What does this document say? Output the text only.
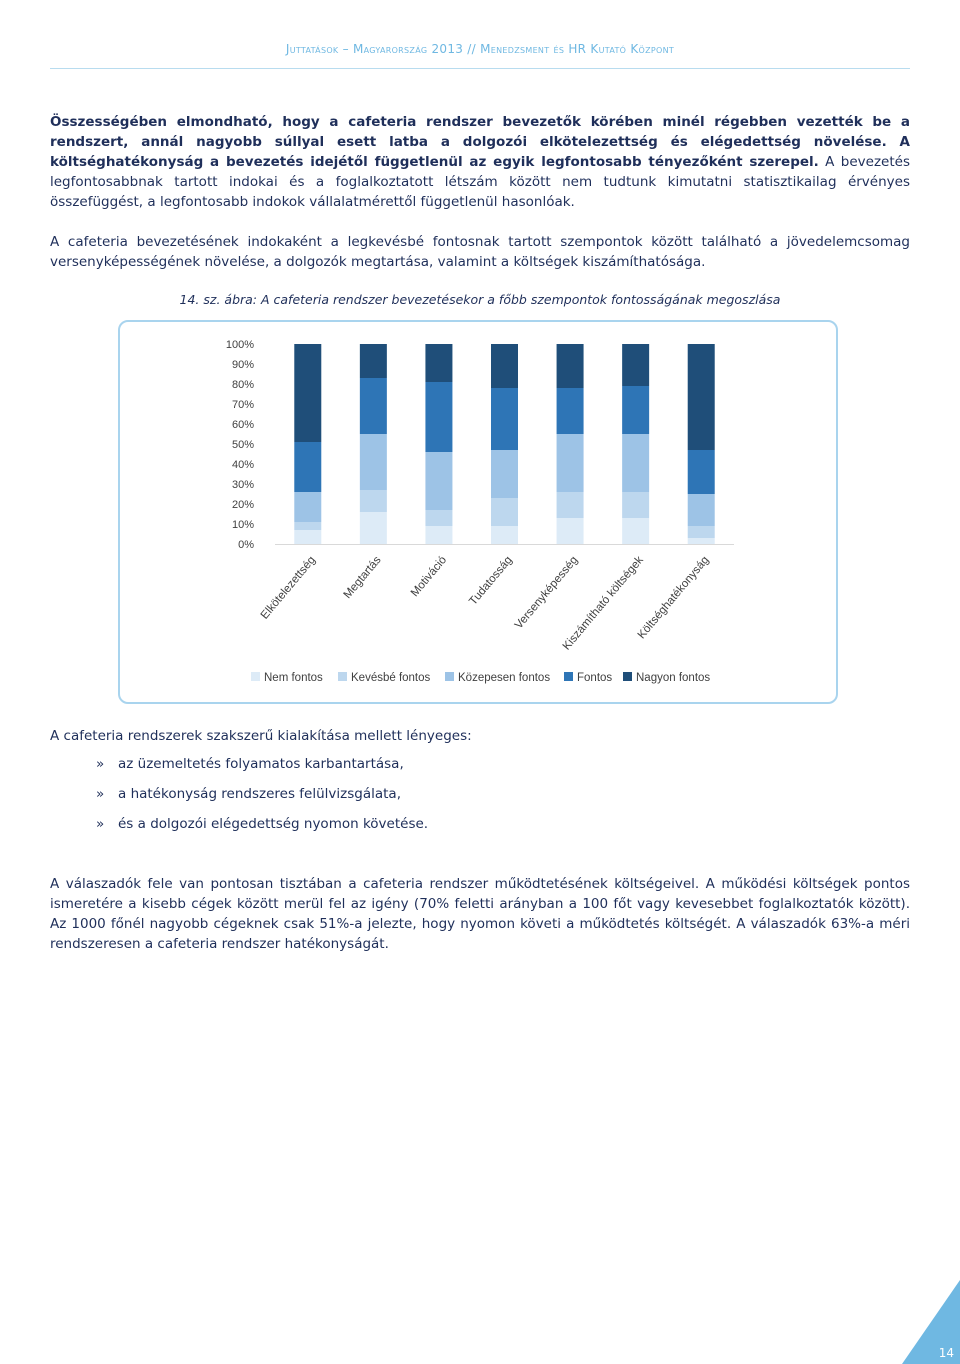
Juttatások – Magyarország 2013 // Menedzsment és HR Kutató Központ
Összességében elmondható, hogy a cafeteria rendszer bevezetők körében minél régebben vezették be a rendszert, annál nagyobb súllyal esett latba a dolgozói elkötelezettség és elégedettség növelése. A költséghatékonyság a bevezetés idejétől függetlenül az egyik legfontosabb tényezőként szerepel. A bevezetés legfontosabbnak tartott indokai és a foglalkoztatott létszám között nem tudtunk kimutatni statisztikailag érvényes összefüggést, a legfontosabb indokok vállalatmérettől függetlenül hasonlóak.
A cafeteria bevezetésének indokaként a legkevésbé fontosnak tartott szempontok között található a jövedelemcsomag versenyképességének növelése, a dolgozók megtartása, valamint a költségek kiszámíthatósága.
14. sz. ábra: A cafeteria rendszer bevezetésekor a főbb szempontok fontosságának megoszlása
0%
10%
20%
30%
40%
50%
60%
70%
80%
90%
100%
Elkötelezettség Megtartás Motiváció Tudatosság
Versenyképesség
Kiszámítható költségek
Költséghatékonyság
Nem fontos Kevésbé fontos Közepesen fontos Fontos Nagyon fontos
A cafeteria rendszerek szakszerű kialakítása mellett lényeges:
» az üzemeltetés folyamatos karbantartása,
» a hatékonyság rendszeres felülvizsgálata,
» és a dolgozói elégedettség nyomon követése.
A válaszadók fele van pontosan tisztában a cafeteria rendszer működtetésének költségeivel. A működési költségek pontos ismeretére a kisebb cégek között merül fel az igény (70% feletti arányban a 100 főt vagy kevesebbet foglalkoztatók között). Az 1000 főnél nagyobb cégeknek csak 51%-a jelezte, hogy nyomon követi a működtetés költségét. A válaszadók 63%-a méri rendszeresen a cafeteria rendszer hatékonyságát.
14
